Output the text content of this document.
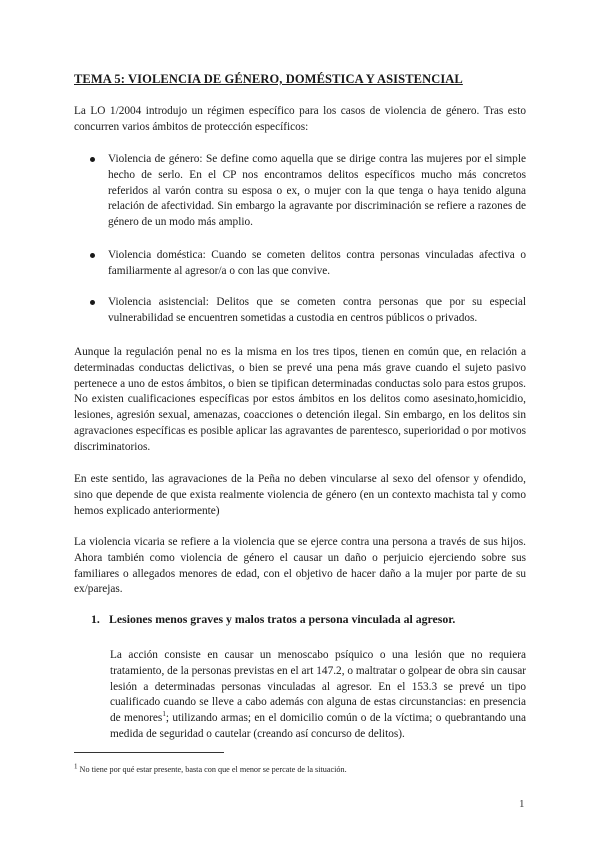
TEMA 5: VIOLENCIA DE GÉNERO, DOMÉSTICA Y ASISTENCIAL

La LO 1/2004 introdujo un régimen específico para los casos de violencia de género. Tras esto concurren varios ámbitos de protección específicos:

Violencia de género: Se define como aquella que se dirige contra las mujeres por el simple hecho de serlo. En el CP nos encontramos delitos específicos mucho más concretos referidos al varón contra su esposa o ex, o mujer con la que tenga o haya tenido alguna relación de afectividad. Sin embargo la agravante por discriminación se refiere a razones de género de un modo más amplio.
Violencia doméstica: Cuando se cometen delitos contra personas vinculadas afectiva o familiarmente al agresor/a o con las que convive.
Violencia asistencial: Delitos que se cometen contra personas que por su especial vulnerabilidad se encuentren sometidas a custodia en centros públicos o privados.

Aunque la regulación penal no es la misma en los tres tipos, tienen en común que, en relación a determinadas conductas delictivas, o bien se prevé una pena más grave cuando el sujeto pasivo pertenece a uno de estos ámbitos, o bien se tipifican determinadas conductas solo para estos grupos. No existen cualificaciones específicas por estos ámbitos en los delitos como asesinato,homicidio, lesiones, agresión sexual, amenazas, coacciones o detención ilegal. Sin embargo, en los delitos sin agravaciones específicas es posible aplicar las agravantes de parentesco, superioridad o por motivos discriminatorios.

En este sentido, las agravaciones de la Peña no deben vincularse al sexo del ofensor y ofendido, sino que depende de que exista realmente violencia de género (en un contexto machista tal y como hemos explicado anteriormente)

La violencia vicaria se refiere a la violencia que se ejerce contra una persona a través de sus hijos. Ahora también como violencia de género el causar un daño o perjuicio ejerciendo sobre sus familiares o allegados menores de edad, con el objetivo de hacer daño a la mujer por parte de su ex/parejas.

1. Lesiones menos graves y malos tratos a persona vinculada al agresor.

La acción consiste en causar un menoscabo psíquico o una lesión que no requiera tratamiento, de la personas previstas en el art 147.2, o maltratar o golpear de obra sin causar lesión a determinadas personas vinculadas al agresor. En el 153.3 se prevé un tipo cualificado cuando se lleve a cabo además con alguna de estas circunstancias: en presencia de menores$^1$; utilizando armas; en el domicilio común o de la víctima; o quebrantando una medida de seguridad o cautelar (creando así concurso de delitos).

$^1$ No tiene por qué estar presente, basta con que el menor se percate de la situación.
1
